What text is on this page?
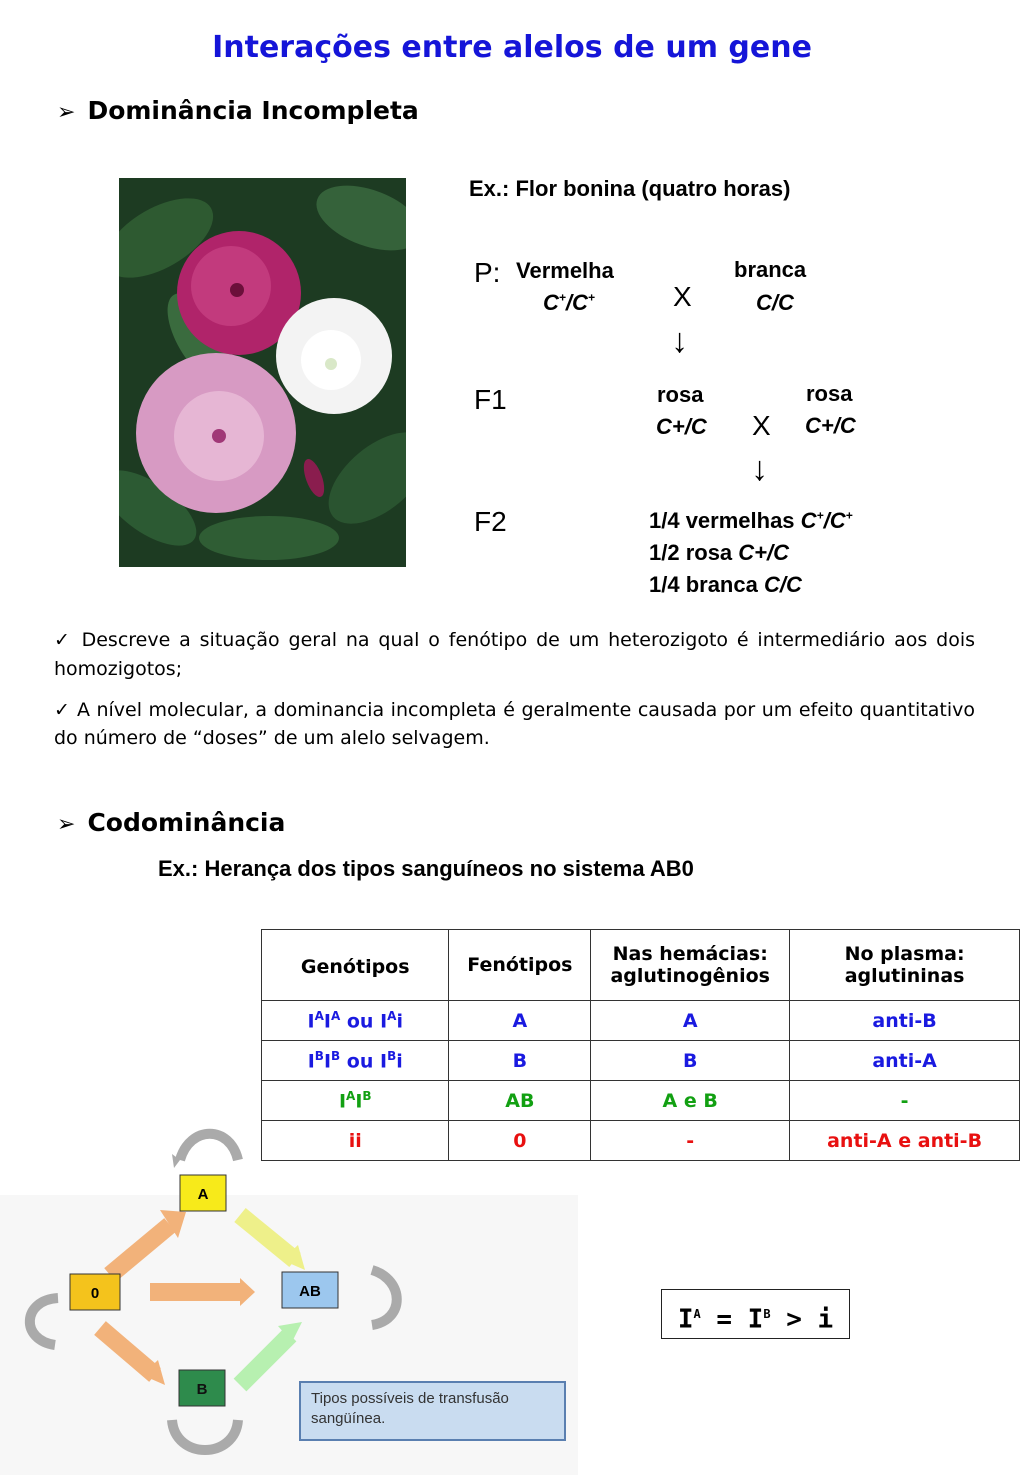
Interações entre alelos de um gene
➢ Dominância Incompleta
Ex.: Flor bonina (quatro horas)
P: Vermelha
C+/C+	X
branca
C/C
↓
F1	rosa
C+/C X
rosa
C+/C
↓
F2	1/4 vermelhas C+/C+
1/2 rosa C+/C
1/4 branca C/C
✓ Descreve a situação geral na qual o fenótipo de um heterozigoto é intermediário aos dois homozigotos;
✓ A nível molecular, a dominancia incompleta é geralmente causada por um efeito quantitativo do número de “doses” de um alelo selvagem.
➢ Codominância
Ex.: Herança dos tipos sanguíneos no sistema AB0
Genótipos	Fenótipos	Nas hemácias: aglutinogênios	No plasma: aglutininas
$I^AI^A$ ou $I^Ai$	A	A	anti-B
$I^BI^B$ ou $I^Bi$	B	B	anti-A
$I^AI^B$	AB	A e B	-
ii	0	-	anti-A e anti-B
A
0	AB
B
Tipos possíveis de transfusão sangüínea.
$I^A = I^B > i$
